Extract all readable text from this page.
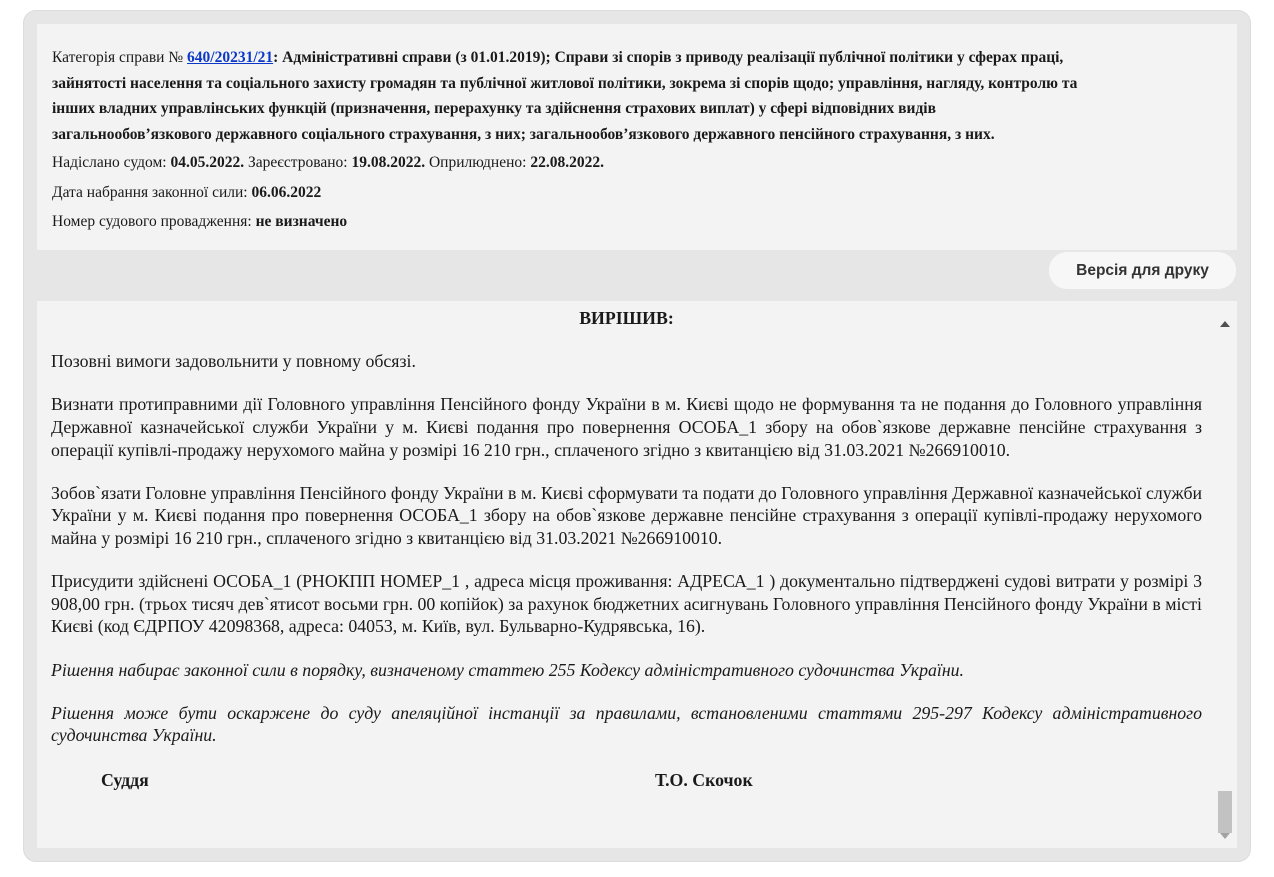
Категорія справи № 640/20231/21: Адміністративні справи (з 01.01.2019); Справи зі спорів з приводу реалізації публічної політики у сферах праці,
зайнятості населення та соціального захисту громадян та публічної житлової політики, зокрема зі спорів щодо; управління, нагляду, контролю та
інших владних управлінських функцій (призначення, перерахунку та здійснення страхових виплат) у сфері відповідних видів
загальнообов’язкового державного соціального страхування, з них; загальнообов’язкового державного пенсійного страхування, з них.
Надіслано судом: 04.05.2022. Зареєстровано: 19.08.2022. Оприлюднено: 22.08.2022.
Дата набрання законної сили: 06.06.2022
Номер судового провадження: не визначено
Версія для друку

ВИРІШИВ:

Позовні вимоги задовольнити у повному обсязі.

Визнати протиправними дії Головного управління Пенсійного фонду України в м. Києві щодо не формування та не подання до Головного управління Державної казначейської служби України у м. Києві подання про повернення ОСОБА_1 збору на обов`язкове державне пенсійне страхування з операції купівлі-продажу нерухомого майна у розмірі 16 210 грн., сплаченого згідно з квитанцією від 31.03.2021 №266910010.

Зобов`язати Головне управління Пенсійного фонду України в м. Києві сформувати та подати до Головного управління Державної казначейської служби України у м. Києві подання про повернення ОСОБА_1 збору на обов`язкове державне пенсійне страхування з операції купівлі-продажу нерухомого майна у розмірі 16 210 грн., сплаченого згідно з квитанцією від 31.03.2021 №266910010.

Присудити здійснені ОСОБА_1 (РНОКПП НОМЕР_1 , адреса місця проживання: АДРЕСА_1 ) документально підтверджені судові витрати у розмірі 3 908,00 грн. (трьох тисяч дев`ятисот восьми грн. 00 копійок) за рахунок бюджетних асигнувань Головного управління Пенсійного фонду України в місті Києві (код ЄДРПОУ 42098368, адреса: 04053, м. Київ, вул. Бульварно-Кудрявська, 16).

Рішення набирає законної сили в порядку, визначеному статтею 255 Кодексу адміністративного судочинства України.

Рішення може бути оскаржене до суду апеляційної інстанції за правилами, встановленими статтями 295-297 Кодексу адміністративного судочинства України.

Суддя	Т.О. Скочок
